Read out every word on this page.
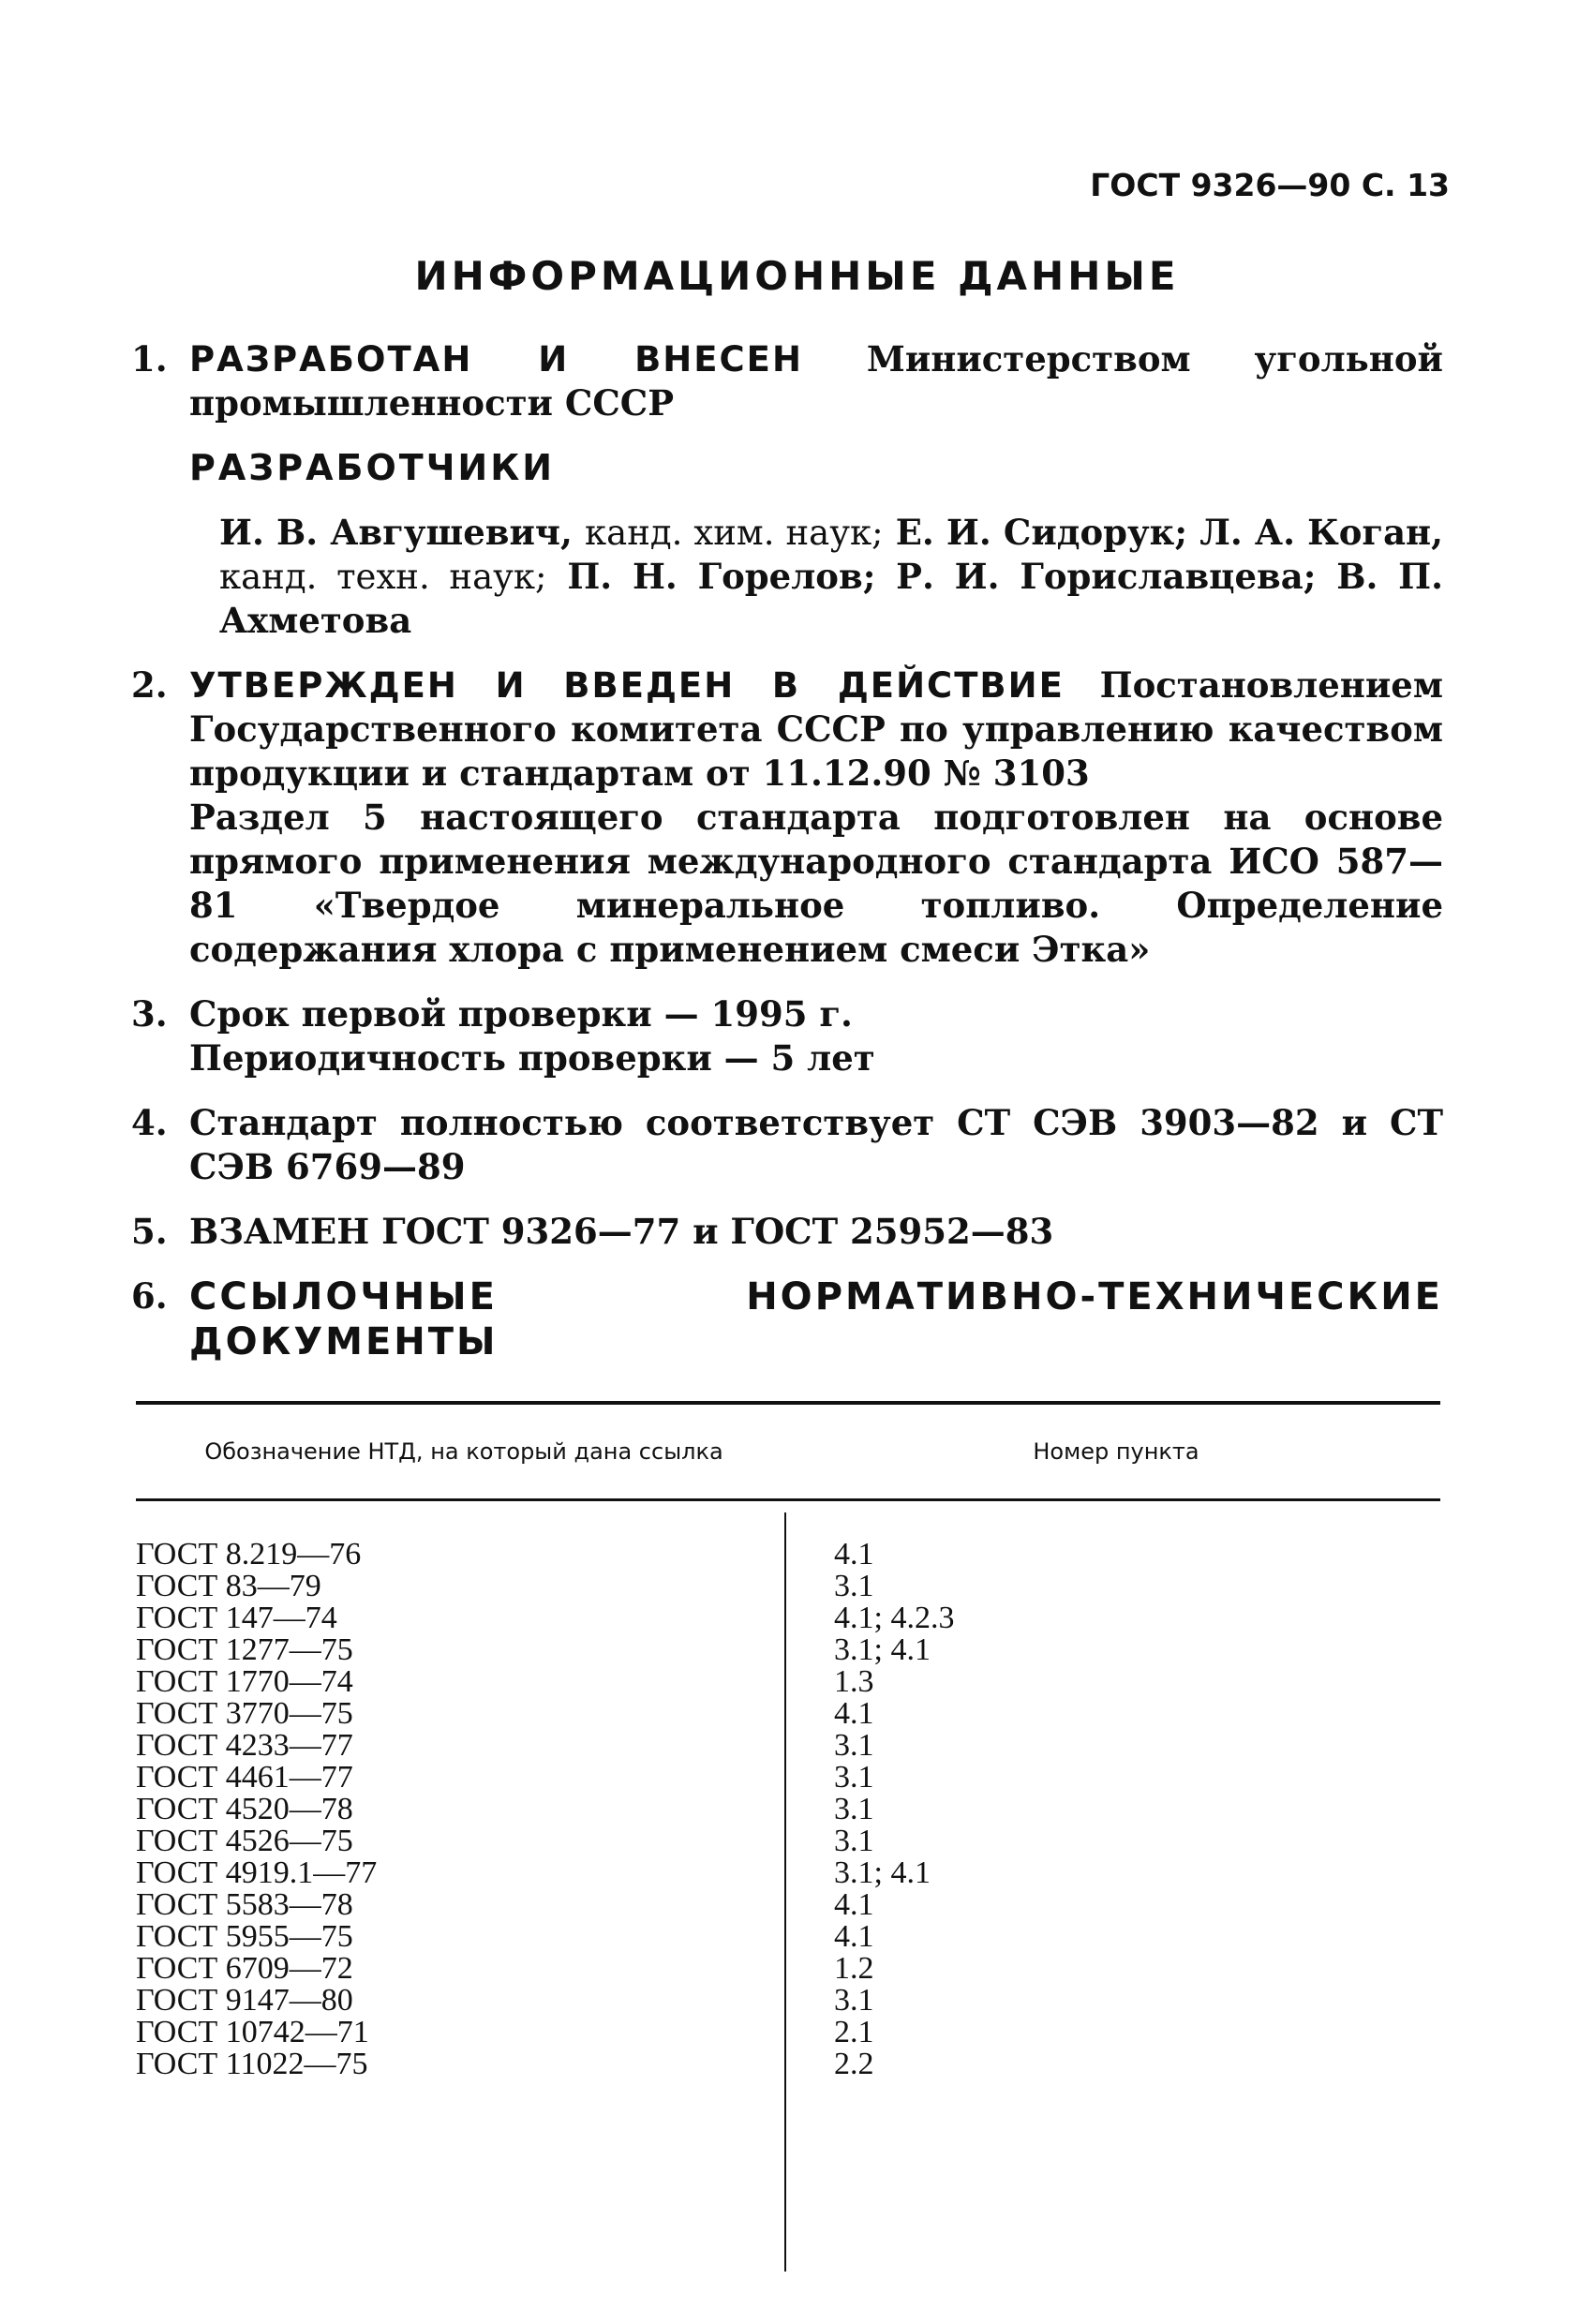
ГОСТ 9326—90 С. 13
ИНФОРМАЦИОННЫЕ ДАННЫЕ
1. РАЗРАБОТАН И ВНЕСЕН Министерством угольной промышленности СССР
РАЗРАБОТЧИКИ
И. В. Авгушевич, канд. хим. наук; Е. И. Сидорук; Л. А. Коган, канд. техн. наук; П. Н. Горелов; Р. И. Гориславцева; В. П. Ахметова
2. УТВЕРЖДЕН И ВВЕДЕН В ДЕЙСТВИЕ Постановлением Государственного комитета СССР по управлению качеством продукции и стандартам от 11.12.90 № 3103
Раздел 5 настоящего стандарта подготовлен на основе прямого применения международного стандарта ИСО 587—81 «Твердое минеральное топливо. Определение содержания хлора с применением смеси Этка»
3. Срок первой проверки — 1995 г.
Периодичность проверки — 5 лет
4. Стандарт полностью соответствует СТ СЭВ 3903—82 и СТ СЭВ 6769—89
5. ВЗАМЕН ГОСТ 9326—77 и ГОСТ 25952—83
6. ССЫЛОЧНЫЕ НОРМАТИВНО-ТЕХНИЧЕСКИЕ ДОКУМЕНТЫ
Обозначение НТД, на который дана ссылка	Номер пункта
ГОСТ 8.219—76
ГОСТ 83—79
ГОСТ 147—74
ГОСТ 1277—75
ГОСТ 1770—74
ГОСТ 3770—75
ГОСТ 4233—77
ГОСТ 4461—77
ГОСТ 4520—78
ГОСТ 4526—75
ГОСТ 4919.1—77
ГОСТ 5583—78
ГОСТ 5955—75
ГОСТ 6709—72
ГОСТ 9147—80
ГОСТ 10742—71
ГОСТ 11022—75
4.1
3.1
4.1; 4.2.3
3.1; 4.1
1.3
4.1
3.1
3.1
3.1
3.1
3.1; 4.1
4.1
4.1
1.2
3.1
2.1
2.2
